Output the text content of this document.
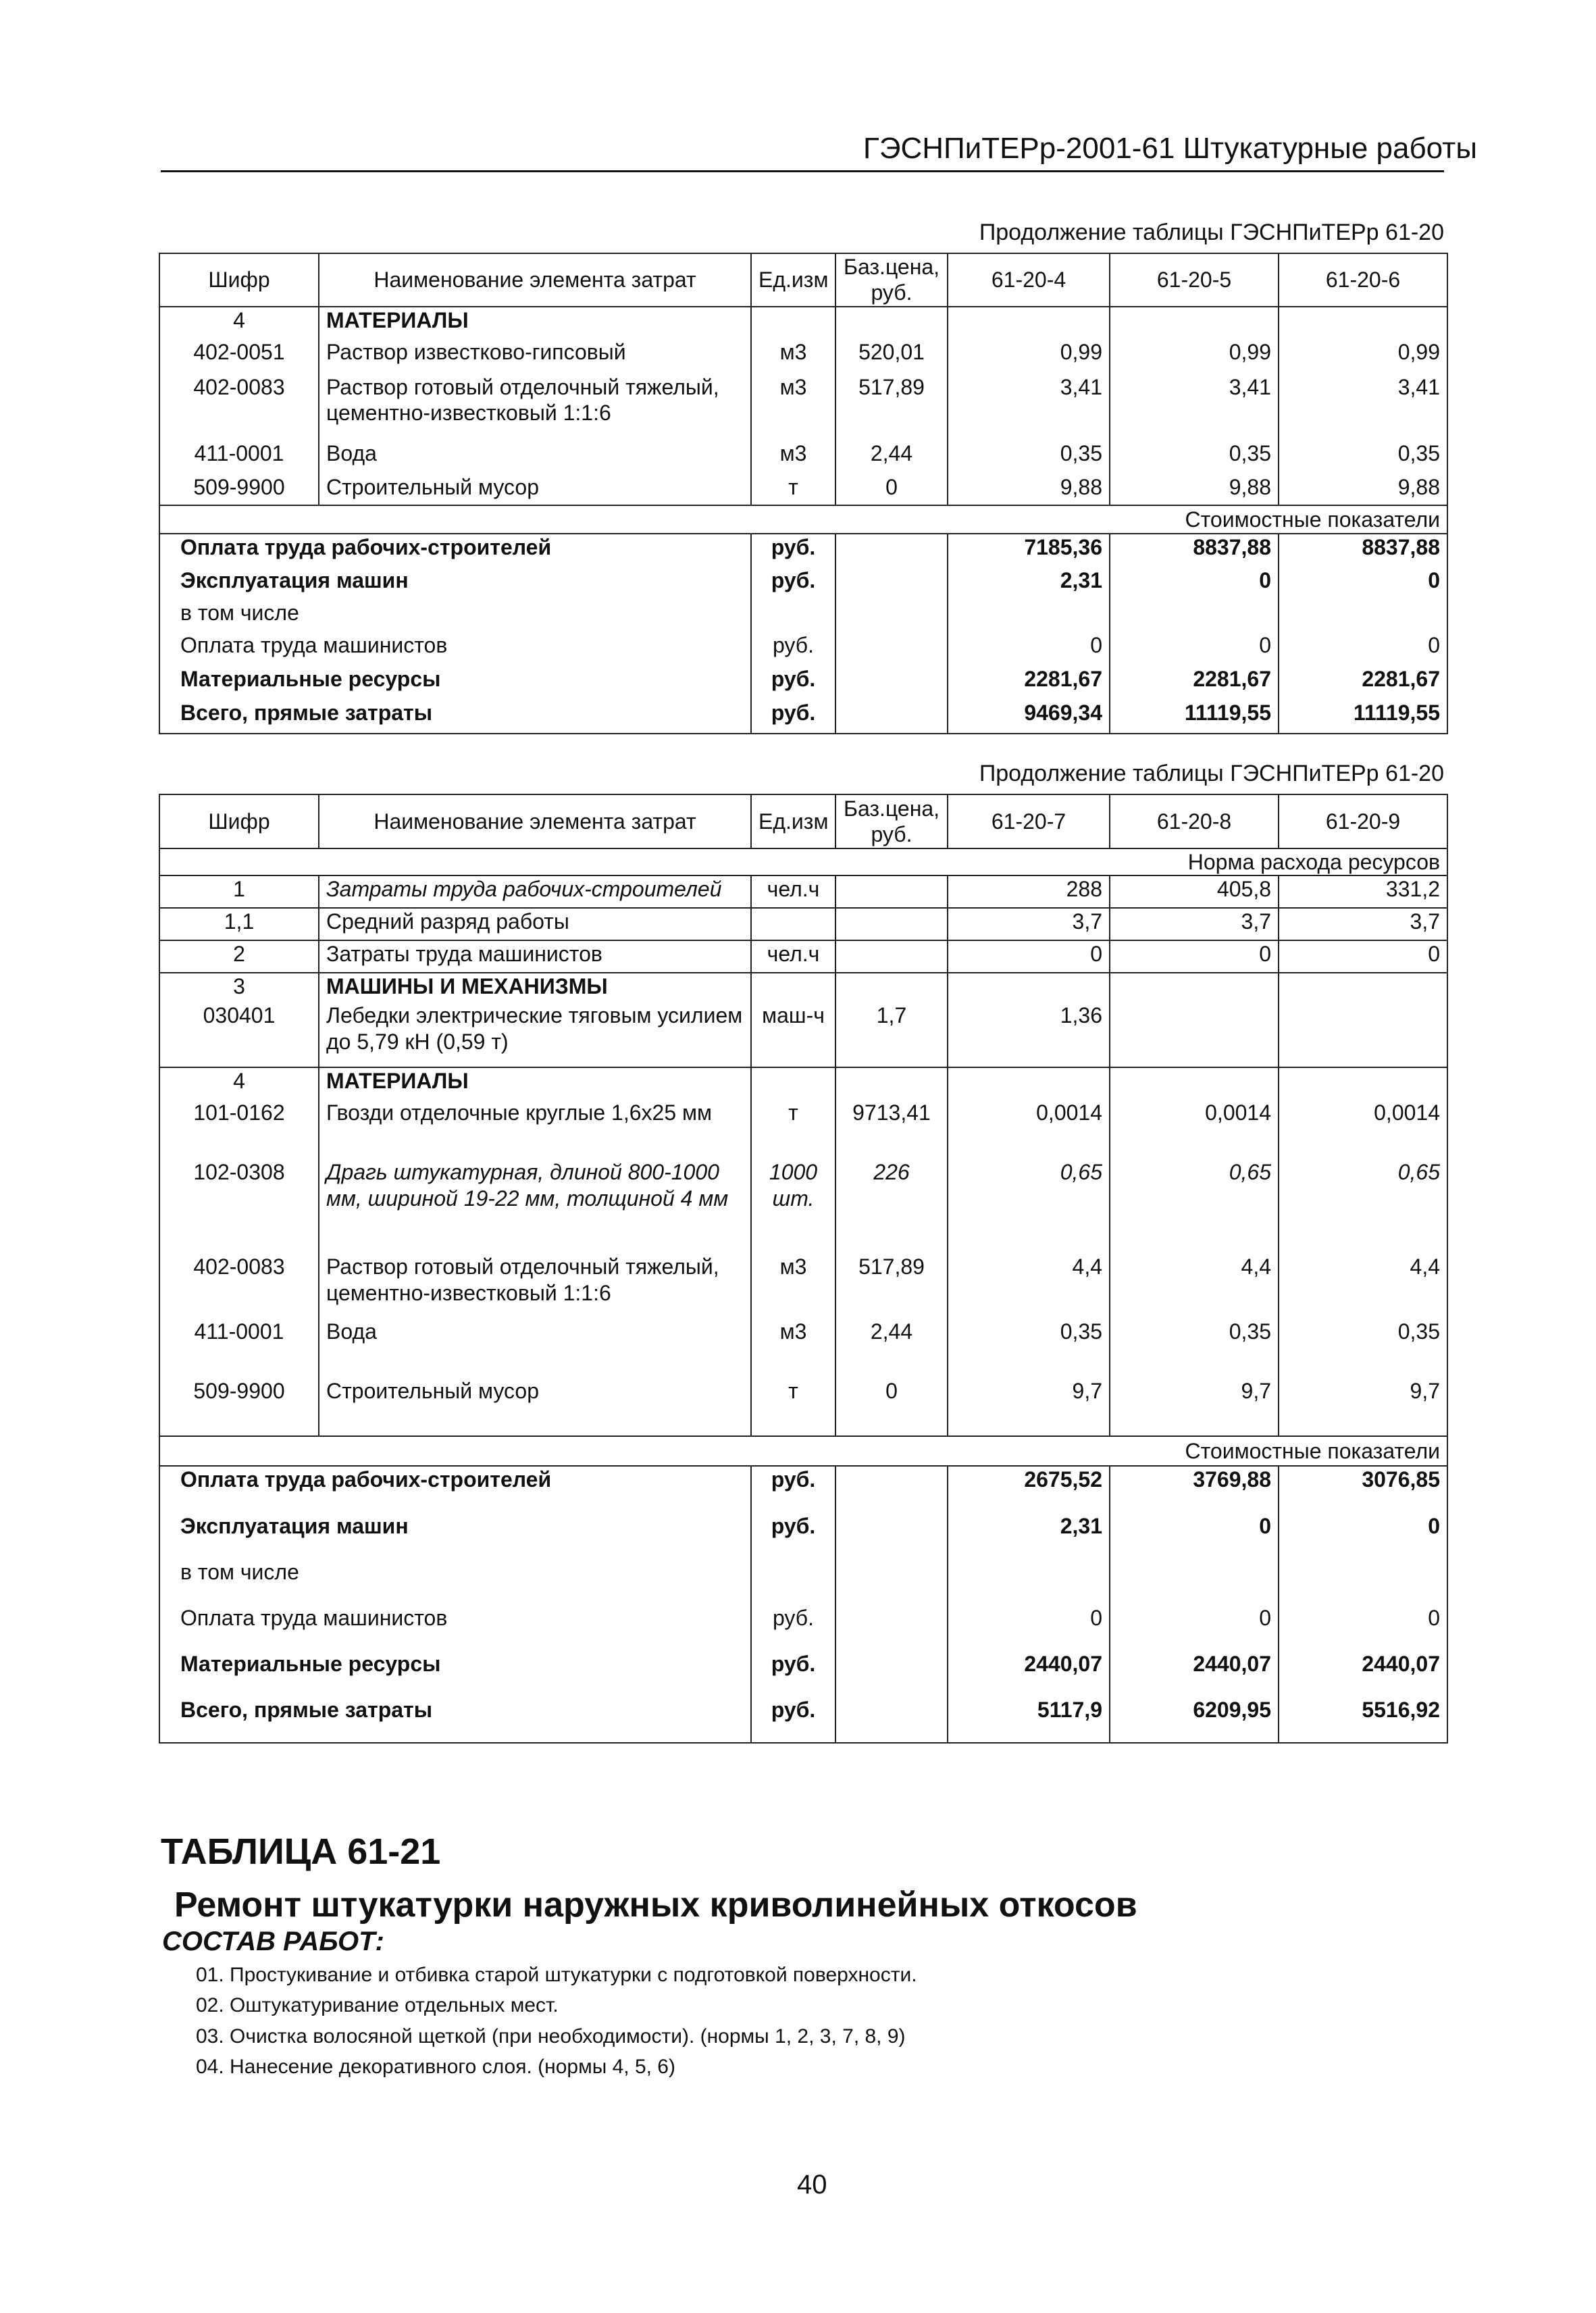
ГЭСНПиТЕРр-2001-61 Штукатурные работы
Продолжение таблицы ГЭСНПиТЕРр 61-20
Шифр	Наименование элемента затрат	Ед.изм	Баз.цена, руб.	61-20-4	61-20-5	61-20-6
4	МАТЕРИАЛЫ					
402-0051	Раствор известково-гипсовый	м3	520,01	0,99	0,99	0,99
402-0083	Раствор готовый отделочный тяжелый, цементно-известковый 1:1:6	м3	517,89	3,41	3,41	3,41
411-0001	Вода	м3	2,44	0,35	0,35	0,35
509-9900	Строительный мусор	т	0	9,88	9,88	9,88
Стоимостные показатели						
Оплата труда рабочих-строителей		руб.		7185,36	8837,88	8837,88
Эксплуатация машин		руб.		2,31	0	0
в том числе						
Оплата труда машинистов		руб.		0	0	0
Материальные ресурсы		руб.		2281,67	2281,67	2281,67
Всего, прямые затраты		руб.		9469,34	11119,55	11119,55
Продолжение таблицы ГЭСНПиТЕРр 61-20
Шифр	Наименование элемента затрат	Ед.изм	Баз.цена, руб.	61-20-7	61-20-8	61-20-9
Норма расхода ресурсов						
1	Затраты труда рабочих-строителей	чел.ч		288	405,8	331,2
1,1	Средний разряд работы			3,7	3,7	3,7
2	Затраты труда машинистов	чел.ч		0	0	0
3	МАШИНЫ И МЕХАНИЗМЫ					
030401	Лебедки электрические тяговым усилием до 5,79 кН (0,59 т)	маш-ч	1,7	1,36		
4	МАТЕРИАЛЫ					
101-0162	Гвозди отделочные круглые 1,6х25 мм	т	9713,41	0,0014	0,0014	0,0014
102-0308	Драгь штукатурная, длиной 800-1000 мм, шириной 19-22 мм, толщиной 4 мм	1000 шт.	226	0,65	0,65	0,65
402-0083	Раствор готовый отделочный тяжелый, цементно-известковый 1:1:6	м3	517,89	4,4	4,4	4,4
411-0001	Вода	м3	2,44	0,35	0,35	0,35
509-9900	Строительный мусор	т	0	9,7	9,7	9,7
Стоимостные показатели						
Оплата труда рабочих-строителей		руб.		2675,52	3769,88	3076,85
Эксплуатация машин		руб.		2,31	0	0
в том числе						
Оплата труда машинистов		руб.		0	0	0
Материальные ресурсы		руб.		2440,07	2440,07	2440,07
Всего, прямые затраты		руб.		5117,9	6209,95	5516,92
ТАБЛИЦА 61-21
Ремонт штукатурки наружных криволинейных откосов
СОСТАВ РАБОТ:
01. Простукивание и отбивка старой штукатурки с подготовкой поверхности.
02. Оштукатуривание отдельных мест.
03. Очистка волосяной щеткой (при необходимости). (нормы 1, 2, 3, 7, 8, 9)
04. Нанесение декоративного слоя. (нормы 4, 5, 6)
40
